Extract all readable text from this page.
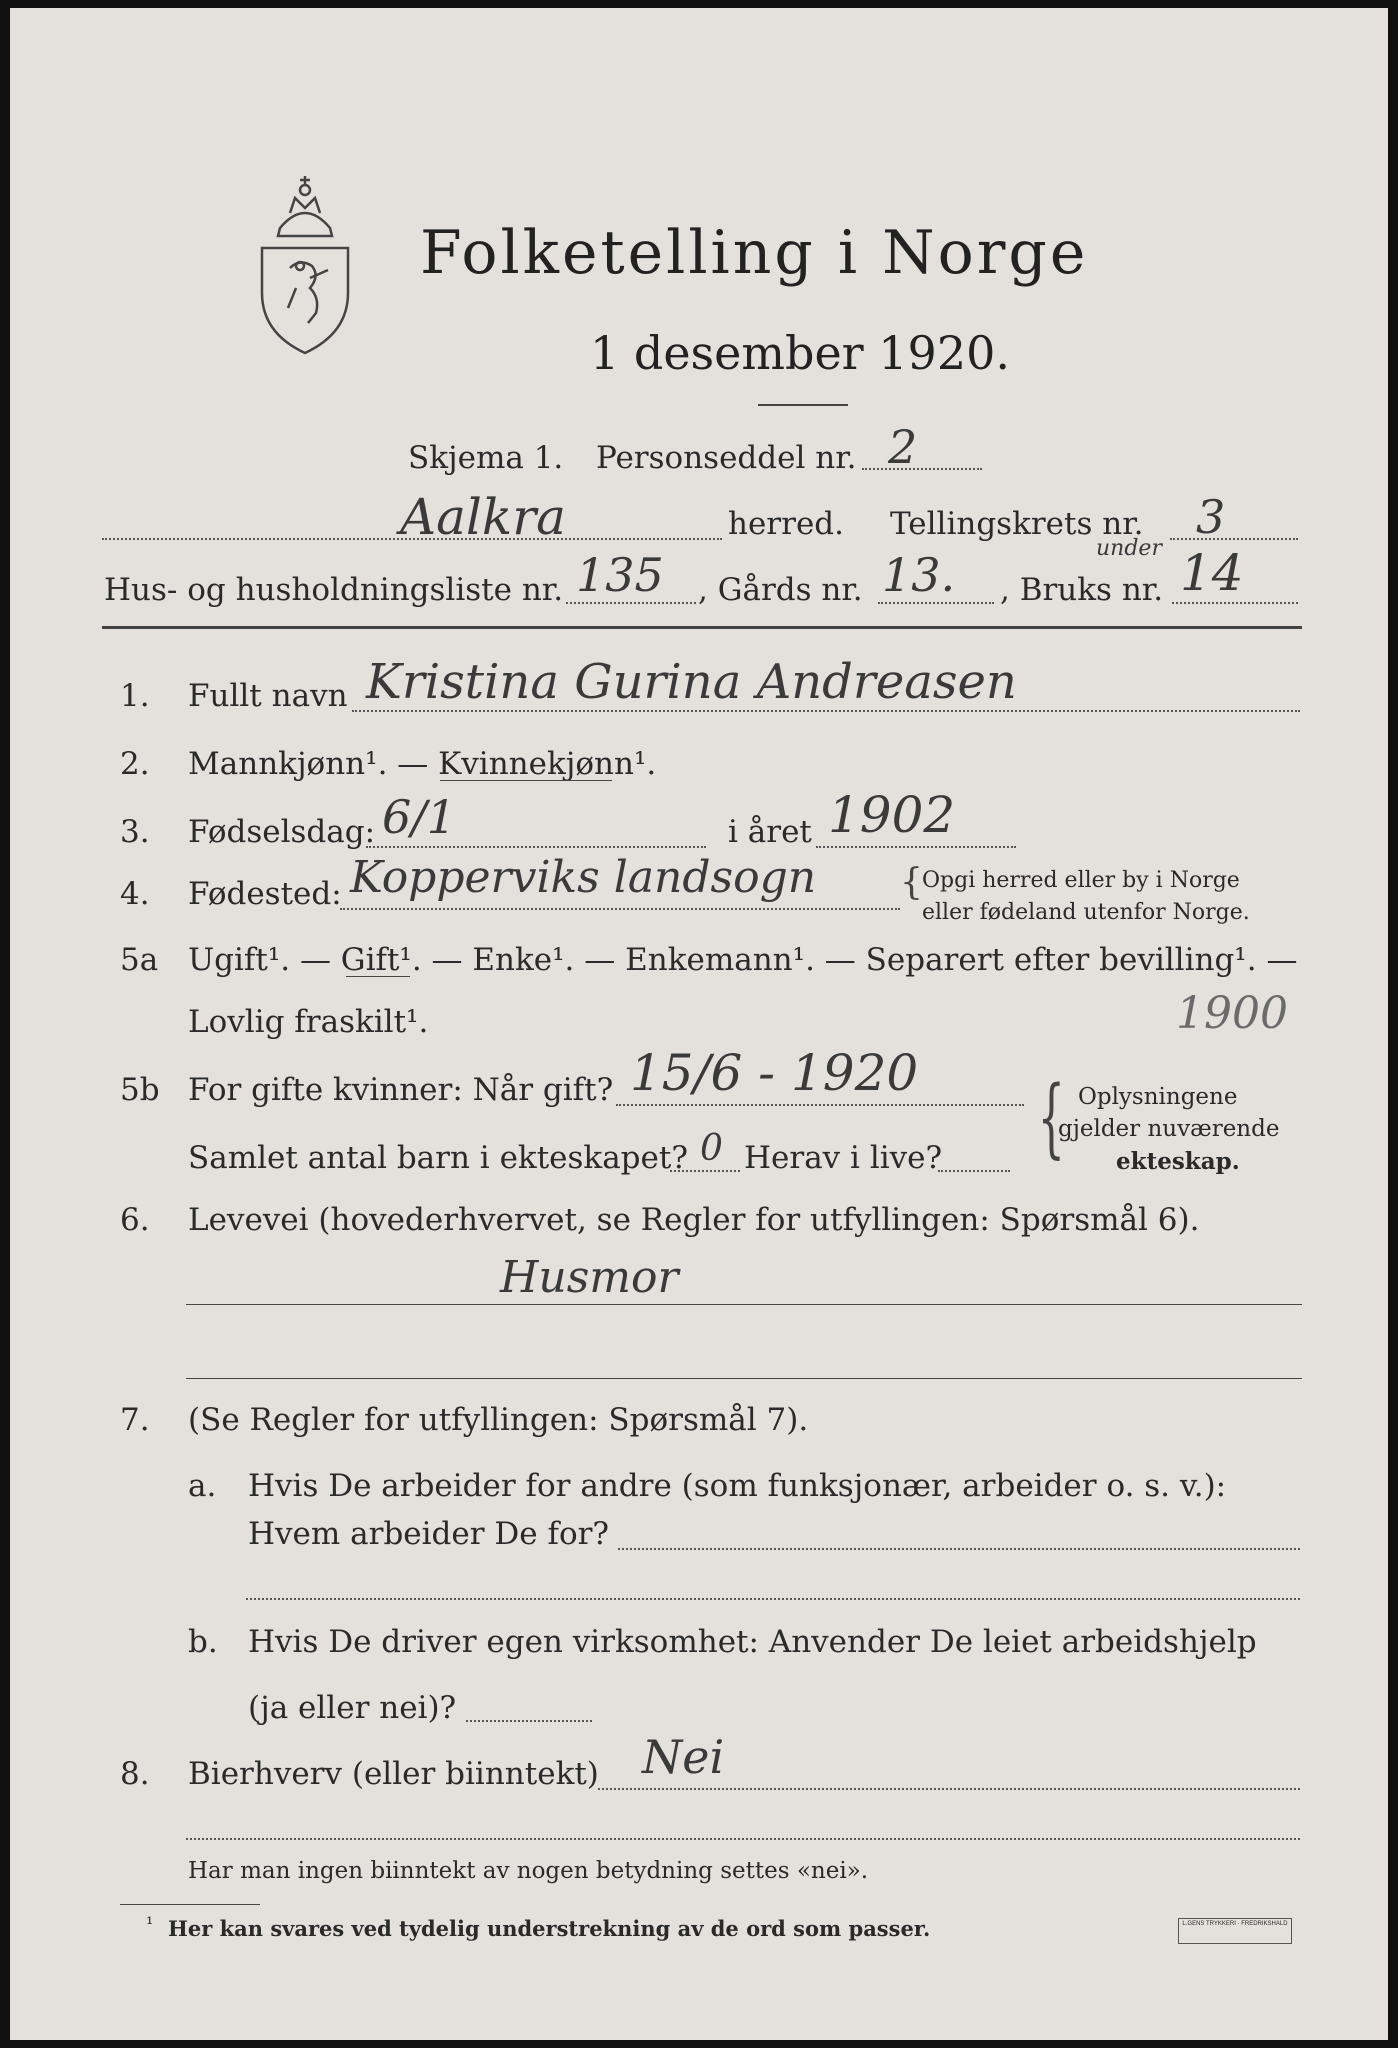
Folketelling i Norge
1 desember 1920.
Skjema 1. Personseddel nr. 2
Aalkra	herred. Tellingskrets nr. 3
Hus- og husholdningsliste nr. 135 , Gårds nr. 13.	under
, Bruks nr. 14
1. Fullt navn Kristina Gurina Andreasen
2. Mannkjønn¹. — Kvinnekjønn¹.
3. Fødselsdag: 6/1	i året 1902
4. Fødested: Kopperviks landsogn { Opgi herred eller by i Norge
eller fødeland utenfor Norge.
5a Ugift¹. — Gift¹. — Enke¹. — Enkemann¹. — Separert efter bevilling¹. —
Lovlig fraskilt¹.	1900
5b For gifte kvinner: Når gift? 15/6 - 1920
Samlet antal barn i ekteskapet? 0 Herav i live? { Oplysningene
gjelder nuværende
ekteskap.
6. Levevei (hovederhvervet, se Regler for utfyllingen: Spørsmål 6).
Husmor
7. (Se Regler for utfyllingen: Spørsmål 7).
a. Hvis De arbeider for andre (som funksjonær, arbeider o. s. v.):
Hvem arbeider De for?
b. Hvis De driver egen virksomhet: Anvender De leiet arbeidshjelp
(ja eller nei)?
8. Bierhverv (eller biinntekt) Nei
Har man ingen biinntekt av nogen betydning settes «nei».
¹ Her kan svares ved tydelig understrekning av de ord som passer.	L.GENS TRYKKERI · FREDRIKSHALD
